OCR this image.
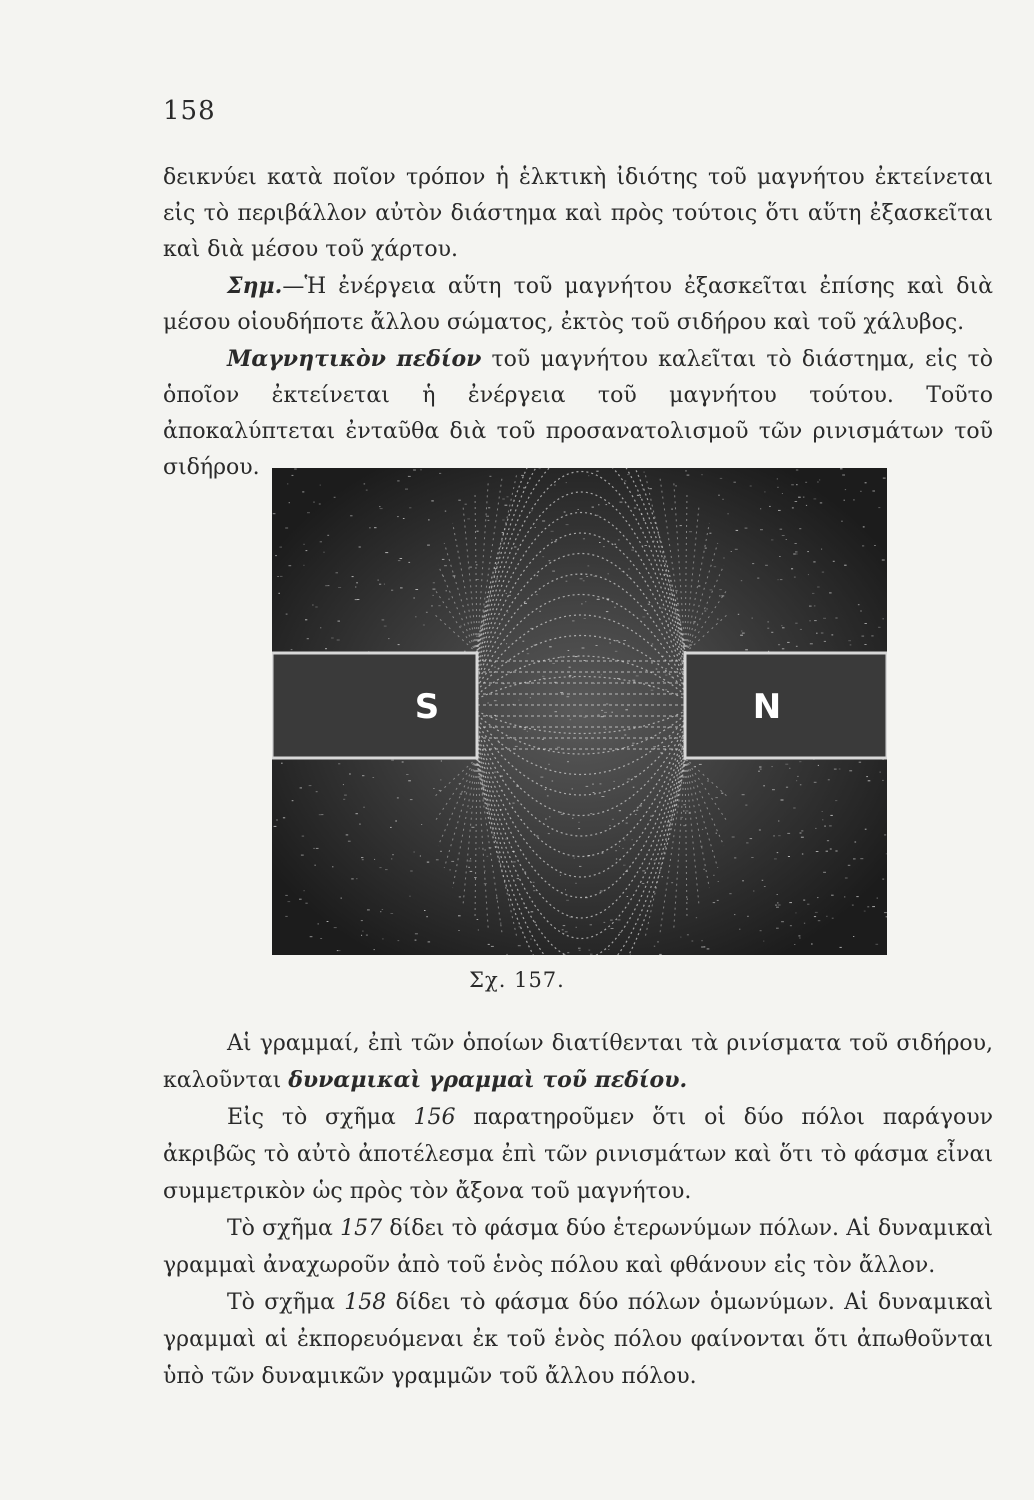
158

δεικνύει κατὰ ποῖον τρόπον ἡ ἑλκτικὴ ἰδιότης τοῦ μαγνήτου ἐκτείνεται εἰς τὸ περιβάλλον αὐτὸν διάστημα καὶ πρὸς τούτοις ὅτι αὕτη ἐξασκεῖται καὶ διὰ μέσου τοῦ χάρτου.

Σημ.—Ἡ ἐνέργεια αὕτη τοῦ μαγνήτου ἐξασκεῖται ἐπίσης καὶ διὰ μέσου οἱουδήποτε ἄλλου σώματος, ἐκτὸς τοῦ σιδήρου καὶ τοῦ χάλυβος.

Μαγνητικὸν πεδίον τοῦ μαγνήτου καλεῖται τὸ διάστημα, εἰς τὸ ὁποῖον ἐκτείνεται ἡ ἐνέργεια τοῦ μαγνήτου τούτου. Τοῦτο ἀποκαλύπτεται ἐνταῦθα διὰ τοῦ προσανατολισμοῦ τῶν ρινισμάτων τοῦ σιδήρου.

S	N
Σχ. 157.

Αἱ γραμμαί, ἐπὶ τῶν ὁποίων διατίθενται τὰ ρινίσματα τοῦ σιδήρου, καλοῦνται δυναμικαὶ γραμμαὶ τοῦ πεδίου.

Εἰς τὸ σχῆμα 156 παρατηροῦμεν ὅτι οἱ δύο πόλοι παράγουν ἀκριβῶς τὸ αὐτὸ ἀποτέλεσμα ἐπὶ τῶν ρινισμάτων καὶ ὅτι τὸ φάσμα εἶναι συμμετρικὸν ὡς πρὸς τὸν ἄξονα τοῦ μαγνήτου.

Τὸ σχῆμα 157 δίδει τὸ φάσμα δύο ἑτερωνύμων πόλων. Αἱ δυναμικαὶ γραμμαὶ ἀναχωροῦν ἀπὸ τοῦ ἑνὸς πόλου καὶ φθάνουν εἰς τὸν ἄλλον.

Τὸ σχῆμα 158 δίδει τὸ φάσμα δύο πόλων ὁμωνύμων. Αἱ δυναμικαὶ γραμμαὶ αἱ ἐκπορευόμεναι ἐκ τοῦ ἑνὸς πόλου φαίνονται ὅτι ἀπωθοῦνται ὑπὸ τῶν δυναμικῶν γραμμῶν τοῦ ἄλλου πόλου.
